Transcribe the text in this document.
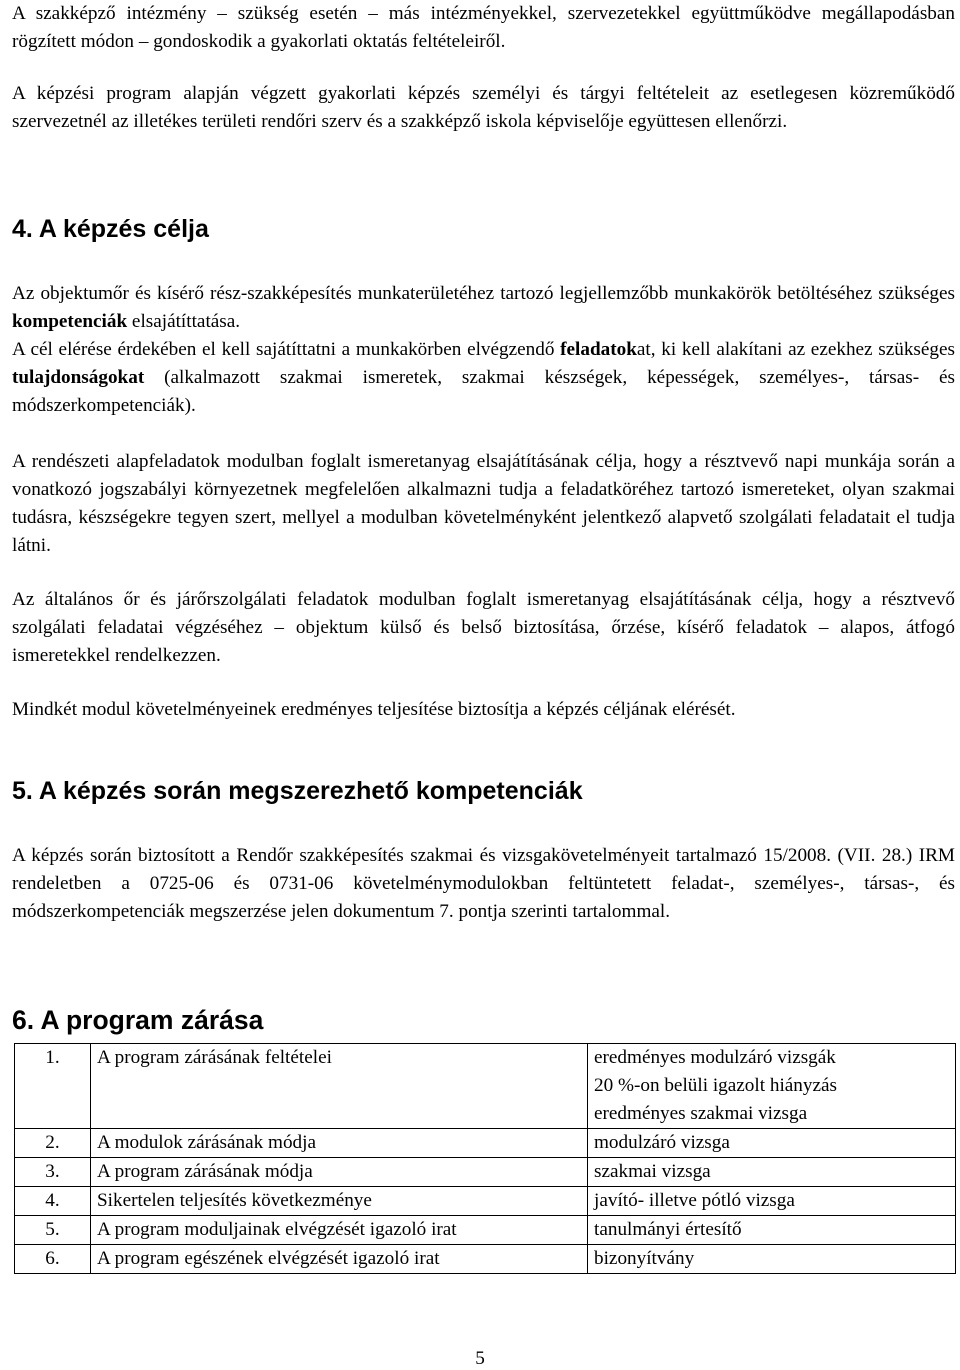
A szakképző intézmény – szükség esetén – más intézményekkel, szervezetekkel együttműködve megállapodásban rögzített módon – gondoskodik a gyakorlati oktatás feltételeiről.

A képzési program alapján végzett gyakorlati képzés személyi és tárgyi feltételeit az esetlegesen közreműködő szervezetnél az illetékes területi rendőri szerv és a szakképző iskola képviselője együttesen ellenőrzi.

4. A képzés célja

Az objektumőr és kísérő rész-szakképesítés munkaterületéhez tartozó legjellemzőbb munkakörök betöltéséhez szükséges kompetenciák elsajátíttatása.

A cél elérése érdekében el kell sajátíttatni a munkakörben elvégzendő feladatokat, ki kell alakítani az ezekhez szükséges tulajdonságokat (alkalmazott szakmai ismeretek, szakmai készségek, képességek, személyes-, társas- és módszerkompetenciák).

A rendészeti alapfeladatok modulban foglalt ismeretanyag elsajátításának célja, hogy a résztvevő napi munkája során a vonatkozó jogszabályi környezetnek megfelelően alkalmazni tudja a feladatköréhez tartozó ismereteket, olyan szakmai tudásra, készségekre tegyen szert, mellyel a modulban követelményként jelentkező alapvető szolgálati feladatait el tudja látni.

Az általános őr és járőrszolgálati feladatok modulban foglalt ismeretanyag elsajátításának célja, hogy a résztvevő szolgálati feladatai végzéséhez – objektum külső és belső biztosítása, őrzése, kísérő feladatok – alapos, átfogó ismeretekkel rendelkezzen.

Mindkét modul követelményeinek eredményes teljesítése biztosítja a képzés céljának elérését.

5. A képzés során megszerezhető kompetenciák

A képzés során biztosított a Rendőr szakképesítés szakmai és vizsgakövetelményeit tartalmazó 15/2008. (VII. 28.) IRM rendeletben a 0725-06 és 0731-06 követelménymodulokban feltüntetett feladat-, személyes-, társas-, és módszerkompetenciák megszerzése jelen dokumentum 7. pontja szerinti tartalommal.

6. A program zárása
1.	A program zárásának feltételei	eredményes modulzáró vizsgák
20 %-on belüli igazolt hiányzás
eredményes szakmai vizsga

2.	A modulok zárásának módja	modulzáró vizsga

3.	A program zárásának módja	szakmai vizsga

4.	Sikertelen teljesítés következménye	javító- illetve pótló vizsga

5.	A program moduljainak elvégzését igazoló irat	tanulmányi értesítő

6.	A program egészének elvégzését igazoló irat	bizonyítvány
5
